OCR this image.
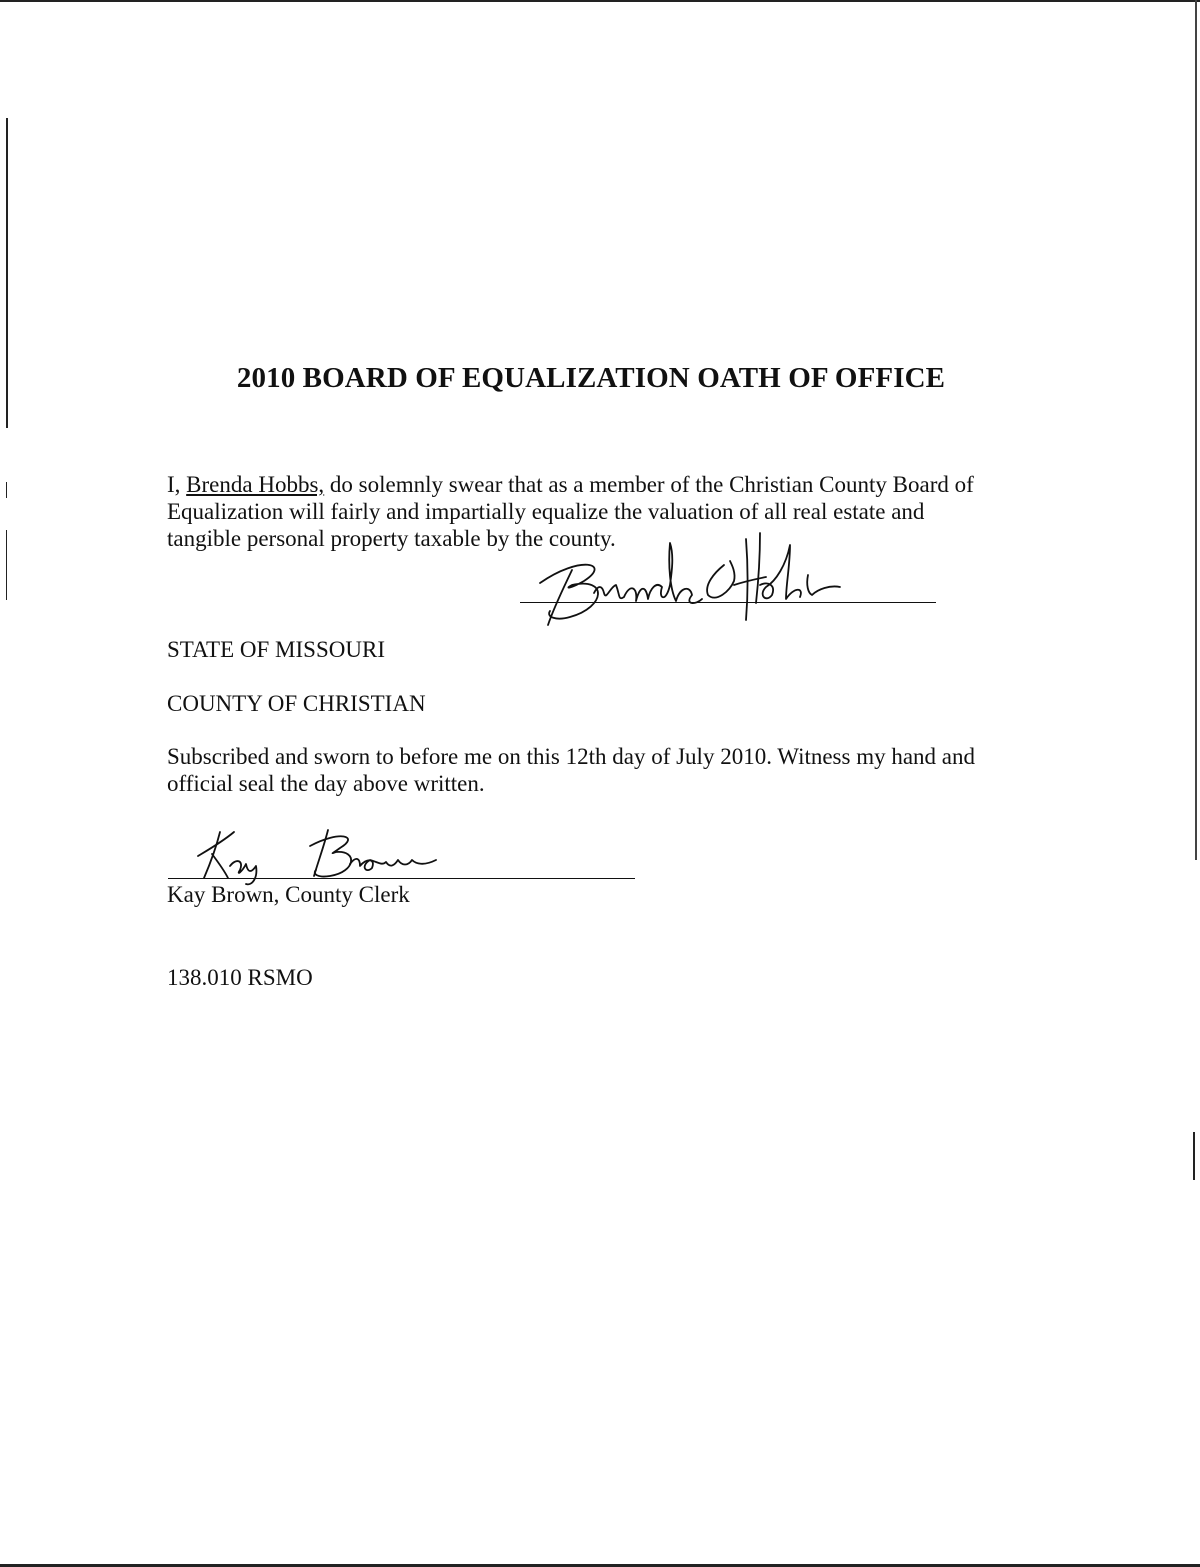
2010 BOARD OF EQUALIZATION OATH OF OFFICE
I, Brenda Hobbs, do solemnly swear that as a member of the Christian County Board of
Equalization will fairly and impartially equalize the valuation of all real estate and
tangible personal property taxable by the county.
STATE OF MISSOURI
COUNTY OF CHRISTIAN
Subscribed and sworn to before me on this 12th day of July 2010. Witness my hand and
official seal the day above written.
Kay Brown, County Clerk
138.010 RSMO
